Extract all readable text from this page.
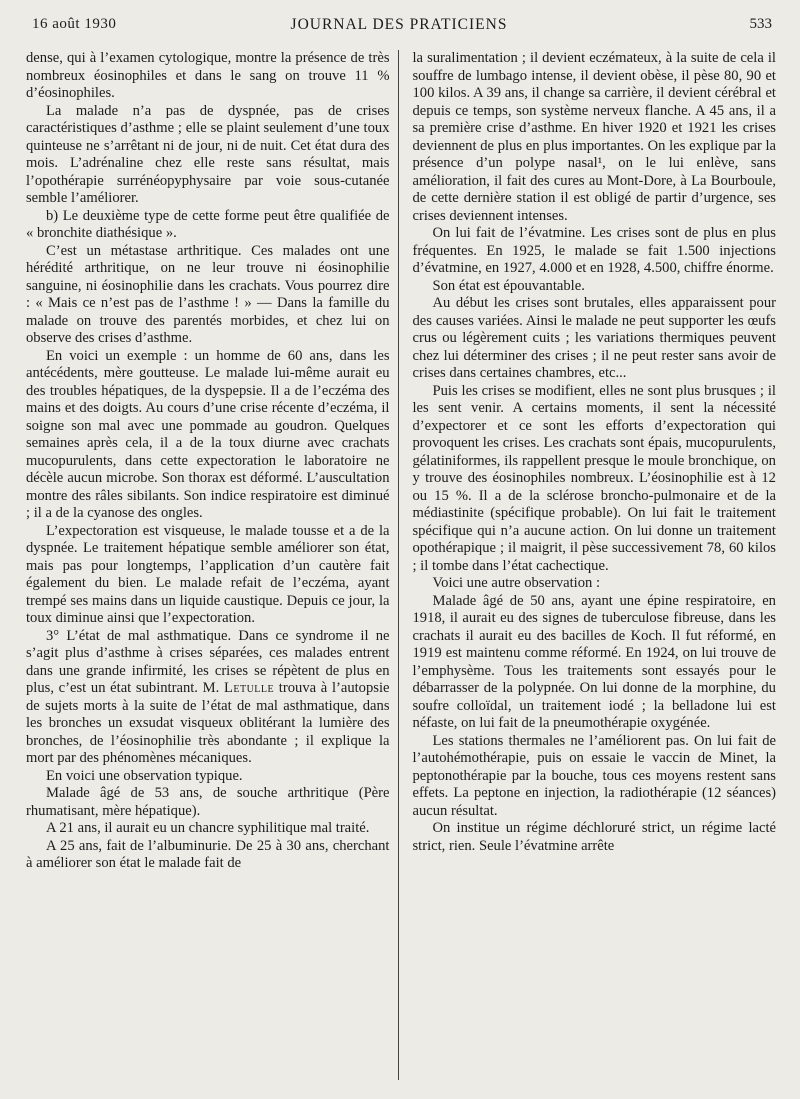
16 août 1930	JOURNAL DES PRATICIENS	533

dense, qui à l’examen cytologique, montre la présence de très nombreux éosinophiles et dans le sang on trouve 11 % d’éosinophiles.

La malade n’a pas de dyspnée, pas de crises caractéristiques d’asthme ; elle se plaint seulement d’une toux quinteuse ne s’arrêtant ni de jour, ni de nuit. Cet état dura des mois. L’adrénaline chez elle reste sans résultat, mais l’opothérapie surrénéopyphysaire par voie sous-cutanée semble l’améliorer.

b) Le deuxième type de cette forme peut être qualifiée de « bronchite diathésique ».

C’est un métastase arthritique. Ces malades ont une hérédité arthritique, on ne leur trouve ni éosinophilie sanguine, ni éosinophilie dans les crachats. Vous pourrez dire : « Mais ce n’est pas de l’asthme ! » — Dans la famille du malade on trouve des parentés morbides, et chez lui on observe des crises d’asthme.

En voici un exemple : un homme de 60 ans, dans les antécédents, mère goutteuse. Le malade lui-même aurait eu des troubles hépatiques, de la dyspepsie. Il a de l’eczéma des mains et des doigts. Au cours d’une crise récente d’eczéma, il soigne son mal avec une pommade au goudron. Quelques semaines après cela, il a de la toux diurne avec crachats mucopurulents, dans cette expectoration le laboratoire ne décèle aucun microbe. Son thorax est déformé. L’auscultation montre des râles sibilants. Son indice respiratoire est diminué ; il a de la cyanose des ongles.

L’expectoration est visqueuse, le malade tousse et a de la dyspnée. Le traitement hépatique semble améliorer son état, mais pas pour longtemps, l’application d’un cautère fait également du bien. Le malade refait de l’eczéma, ayant trempé ses mains dans un liquide caustique. Depuis ce jour, la toux diminue ainsi que l’expectoration.

3° L’état de mal asthmatique. Dans ce syndrome il ne s’agit plus d’asthme à crises séparées, ces malades entrent dans une grande infirmité, les crises se répètent de plus en plus, c’est un état subintrant. M. Letulle trouva à l’autopsie de sujets morts à la suite de l’état de mal asthmatique, dans les bronches un exsudat visqueux oblitérant la lumière des bronches, de l’éosinophilie très abondante ; il explique la mort par des phénomènes mécaniques.

En voici une observation typique.

Malade âgé de 53 ans, de souche arthritique (Père rhumatisant, mère hépatique).

A 21 ans, il aurait eu un chancre syphilitique mal traité.

A 25 ans, fait de l’albuminurie. De 25 à 30 ans, cherchant à améliorer son état le malade fait de

la suralimentation ; il devient eczémateux, à la suite de cela il souffre de lumbago intense, il devient obèse, il pèse 80, 90 et 100 kilos. A 39 ans, il change sa carrière, il devient cérébral et depuis ce temps, son système nerveux flanche. A 45 ans, il a sa première crise d’asthme. En hiver 1920 et 1921 les crises deviennent de plus en plus importantes. On les explique par la présence d’un polype nasal¹, on le lui enlève, sans amélioration, il fait des cures au Mont-Dore, à La Bourboule, de cette dernière station il est obligé de partir d’urgence, ses crises deviennent intenses.

On lui fait de l’évatmine. Les crises sont de plus en plus fréquentes. En 1925, le malade se fait 1.500 injections d’évatmine, en 1927, 4.000 et en 1928, 4.500, chiffre énorme.

Son état est épouvantable.

Au début les crises sont brutales, elles apparaissent pour des causes variées. Ainsi le malade ne peut supporter les œufs crus ou légèrement cuits ; les variations thermiques peuvent chez lui déterminer des crises ; il ne peut rester sans avoir de crises dans certaines chambres, etc...

Puis les crises se modifient, elles ne sont plus brusques ; il les sent venir. A certains moments, il sent la nécessité d’expectorer et ce sont les efforts d’expectoration qui provoquent les crises. Les crachats sont épais, mucopurulents, gélatiniformes, ils rappellent presque le moule bronchique, on y trouve des éosinophiles nombreux. L’éosinophilie est à 12 ou 15 %. Il a de la sclérose broncho-pulmonaire et de la médiastinite (spécifique probable). On lui fait le traitement spécifique qui n’a aucune action. On lui donne un traitement opothérapique ; il maigrit, il pèse successivement 78, 60 kilos ; il tombe dans l’état cachectique.

Voici une autre observation :

Malade âgé de 50 ans, ayant une épine respiratoire, en 1918, il aurait eu des signes de tuberculose fibreuse, dans les crachats il aurait eu des bacilles de Koch. Il fut réformé, en 1919 est maintenu comme réformé. En 1924, on lui trouve de l’emphysème. Tous les traitements sont essayés pour le débarrasser de la polypnée. On lui donne de la morphine, du soufre colloïdal, un traitement iodé ; la belladone lui est néfaste, on lui fait de la pneumothérapie oxygénée.

Les stations thermales ne l’améliorent pas. On lui fait de l’autohémothérapie, puis on essaie le vaccin de Minet, la peptonothérapie par la bouche, tous ces moyens restent sans effets. La peptone en injection, la radiothérapie (12 séances) aucun résultat.

On institue un régime déchloruré strict, un régime lacté strict, rien. Seule l’évatmine arrête
